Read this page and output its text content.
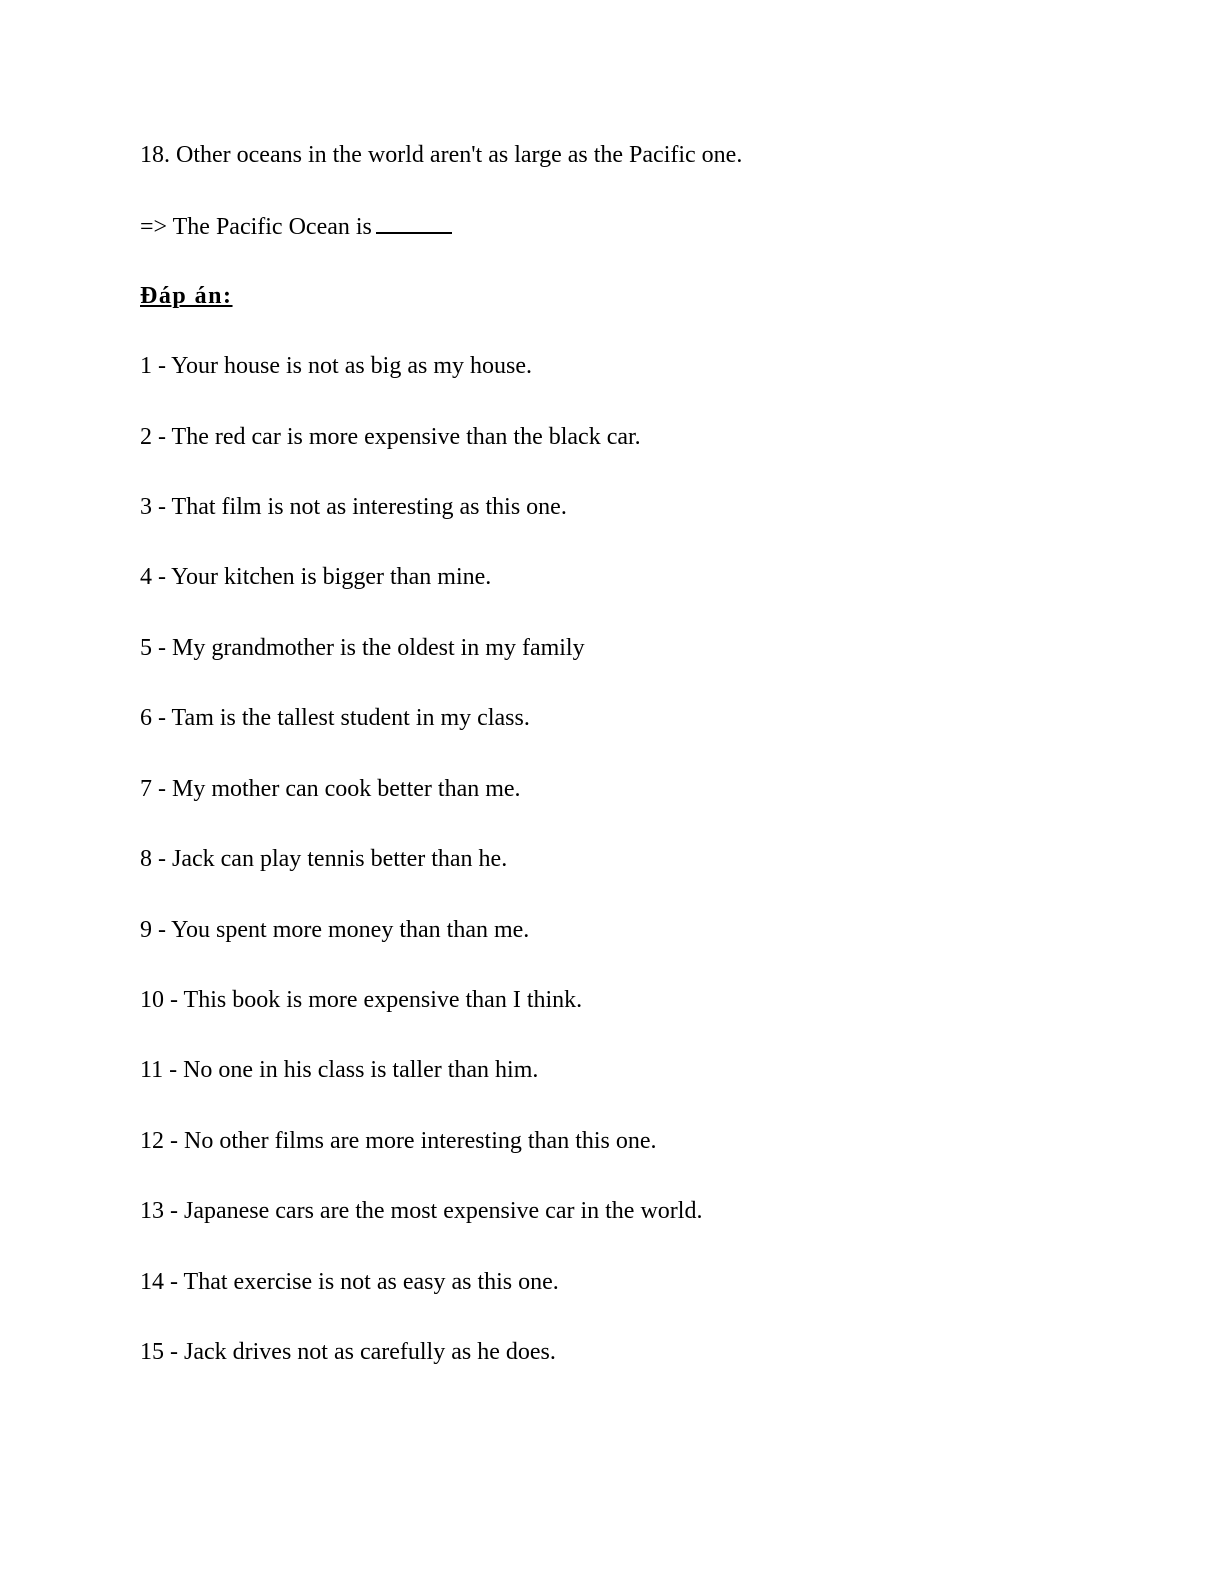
18. Other oceans in the world aren't as large as the Pacific one.
=> The Pacific Ocean is
Đáp án:
1 - Your house is not as big as my house.
2 - The red car is more expensive than the black car.
3 - That film is not as interesting as this one.
4 - Your kitchen is bigger than mine.
5 - My grandmother is the oldest in my family
6 - Tam is the tallest student in my class.
7 - My mother can cook better than me.
8 - Jack can play tennis better than he.
9 - You spent more money than than me.
10 - This book is more expensive than I think.
11 - No one in his class is taller than him.
12 - No other films are more interesting than this one.
13 - Japanese cars are the most expensive car in the world.
14 - That exercise is not as easy as this one.
15 - Jack drives not as carefully as he does.
